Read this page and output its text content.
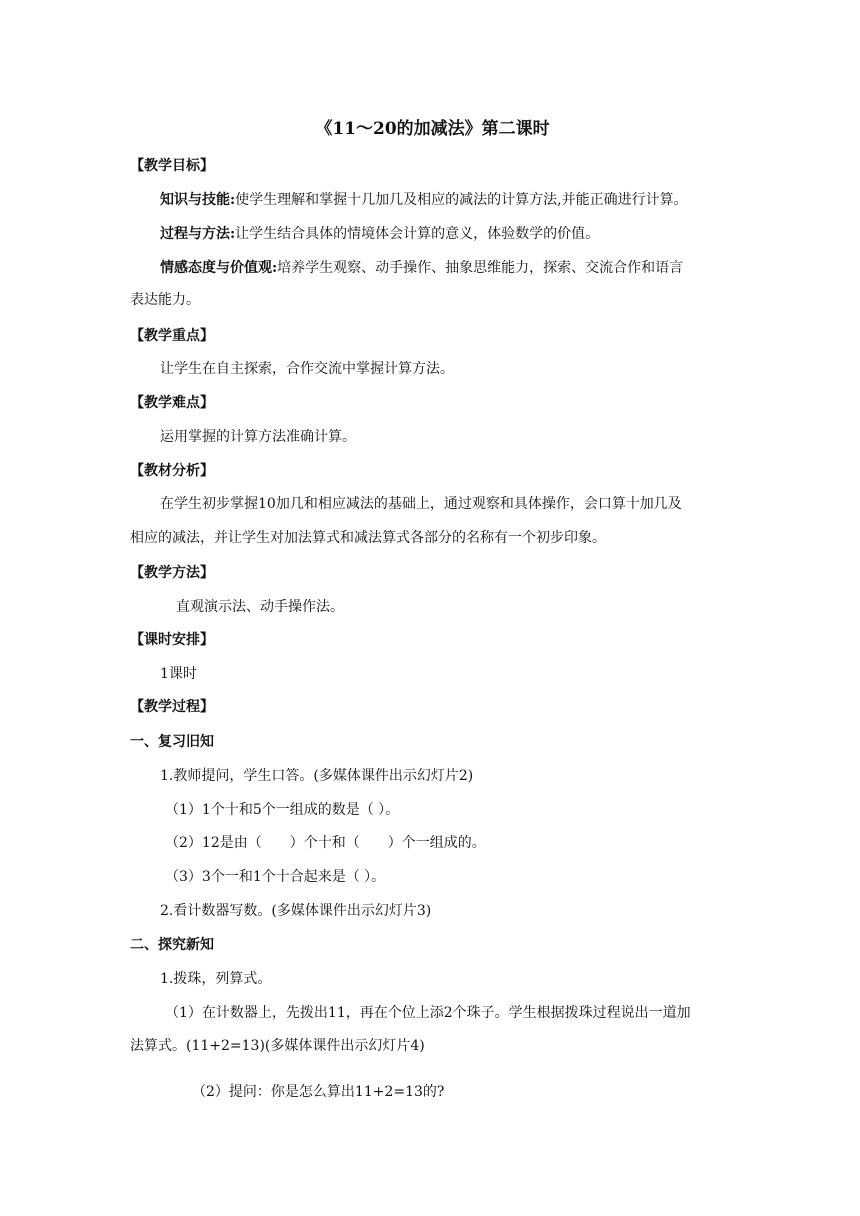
《11～20的加减法》第二课时
【教学目标】
知识与技能:使学生理解和掌握十几加几及相应的减法的计算方法,并能正确进行计算。
过程与方法:让学生结合具体的情境体会计算的意义，体验数学的价值。
情感态度与价值观:培养学生观察、动手操作、抽象思维能力，探索、交流合作和语言
表达能力。
【教学重点】
让学生在自主探索，合作交流中掌握计算方法。
【教学难点】
运用掌握的计算方法准确计算。
【教材分析】
在学生初步掌握10加几和相应减法的基础上，通过观察和具体操作，会口算十加几及
相应的减法，并让学生对加法算式和减法算式各部分的名称有一个初步印象。
【教学方法】
直观演示法、动手操作法。
【课时安排】
1课时
【教学过程】
一、复习旧知
1.教师提问，学生口答。(多媒体课件出示幻灯片2)
（1）1个十和5个一组成的数是（ ）。
（2）12是由（　　）个十和（　　）个一组成的。
（3）3个一和1个十合起来是（ ）。
2.看计数器写数。(多媒体课件出示幻灯片3)
二、探究新知
1.拨珠，列算式。
（1）在计数器上，先拨出11，再在个位上添2个珠子。学生根据拨珠过程说出一道加
法算式。(11+2=13)(多媒体课件出示幻灯片4)
（2）提问：你是怎么算出11+2=13的?
